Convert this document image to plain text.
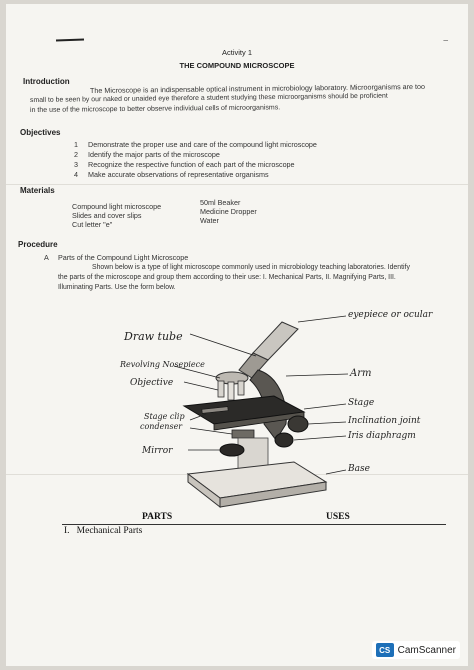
_
Activity 1
THE COMPOUND MICROSCOPE
Introduction
The Microscope is an indispensable optical instrument in microbiology laboratory. Microorganisms are too
small to be seen by our naked or unaided eye therefore a student studying these microorganisms should be proficient
in the use of the microscope to better observe individual cells of microorganisms.
Objectives
1 Demonstrate the proper use and care of the compound light microscope
2 Identify the major parts of the microscope
3 Recognize the respective function of each part of the microscope
4 Make accurate observations of representative organisms
Materials
Compound light microscope
Slides and cover slips
Cut letter "e"
50ml Beaker
Medicine Dropper
Water
Procedure
A Parts of the Compound Light Microscope
Shown below is a type of light microscope commonly used in microbiology teaching laboratories. Identify
the parts of the microscope and group them according to their use: I. Mechanical Parts, II. Magnifying Parts, III.
Illuminating Parts. Use the form below.
Draw tube
Revolving Nosepiece
Objective
Stage clip
condenser
Mirror
eyepiece or ocular
Arm
Stage
Inclination joint
Iris diaphragm
Base
PARTS	USES
I.   Mechanical Parts
CS CamScanner
